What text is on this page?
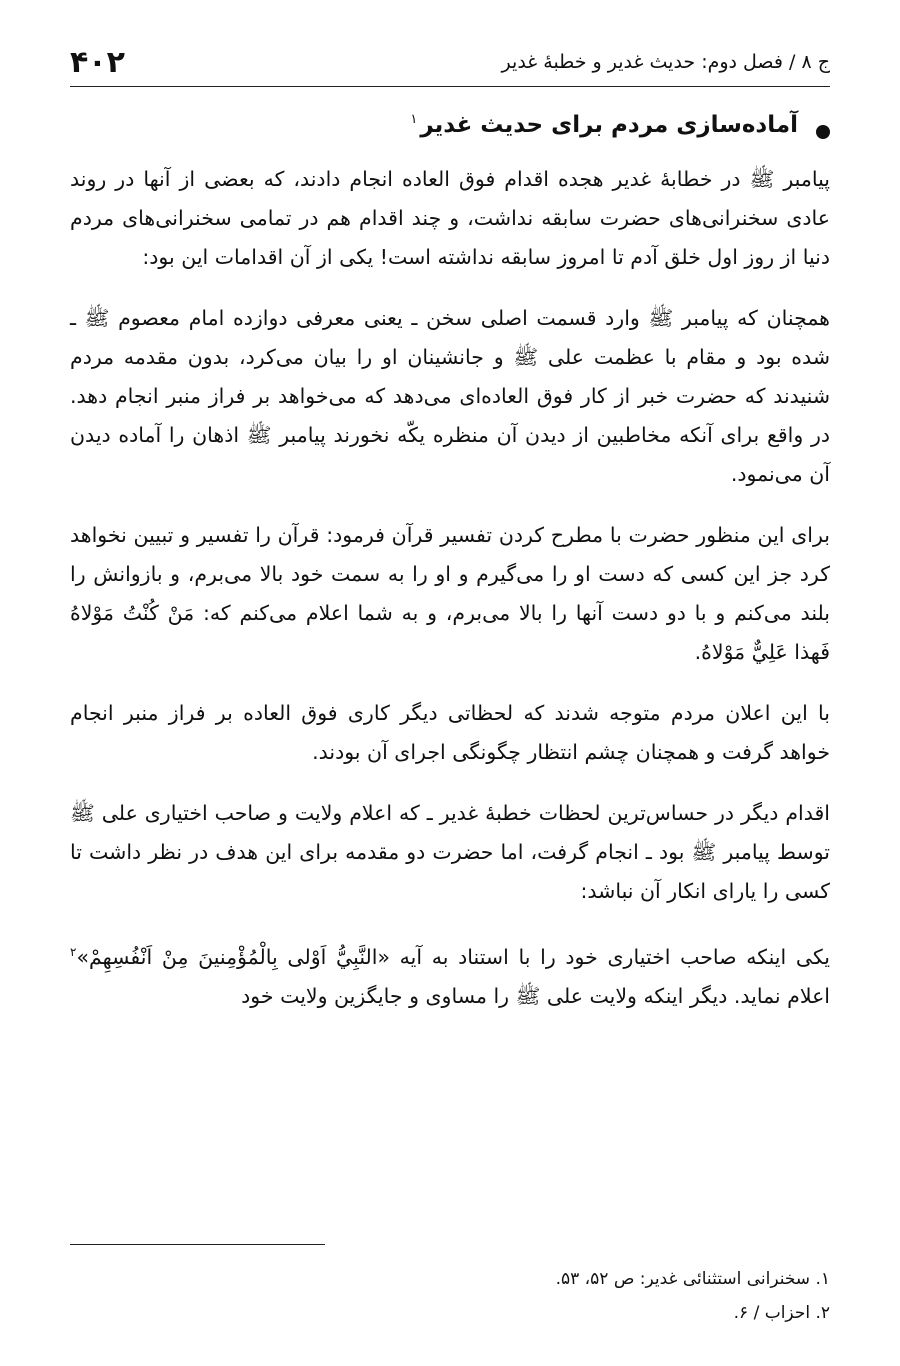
ج ۸ / فصل دوم: حدیث غدیر و خطبۀ غدیر
۴۰۲
آماده‌سازی مردم برای حدیث غدیر$^۱$

پیامبر ﷺ در خطابۀ غدیر هجده اقدام فوق العاده انجام دادند، که بعضی از آنها در روند عادی سخنرانی‌های حضرت سابقه نداشت، و چند اقدام هم در تمامی سخنرانی‌های مردم دنیا از روز اول خلق آدم تا امروز سابقه نداشته است! یکی از آن اقدامات این بود:

همچنان که پیامبر ﷺ وارد قسمت اصلی سخن ـ یعنی معرفی دوازده امام معصوم ﷺ ـ شده بود و مقام با عظمت علی ﷺ و جانشینان او را بیان می‌کرد، بدون مقدمه مردم شنیدند که حضرت خبر از کار فوق العاده‌ای می‌دهد که می‌خواهد بر فراز منبر انجام دهد. در واقع برای آنکه مخاطبین از دیدن آن منظره یکّه نخورند پیامبر ﷺ اذهان را آماده دیدن آن می‌نمود.

برای این منظور حضرت با مطرح کردن تفسیر قرآن فرمود: قرآن را تفسیر و تبیین نخواهد کرد جز این کسی که دست او را می‌گیرم و او را به سمت خود بالا می‌برم، و بازوانش را بلند می‌کنم و با دو دست آنها را بالا می‌برم، و به شما اعلام می‌کنم که: مَنْ كُنْتُ مَوْلاهُ فَهذا عَلِيٌّ مَوْلاهُ.

با این اعلان مردم متوجه شدند که لحظاتی دیگر کاری فوق العاده بر فراز منبر انجام خواهد گرفت و همچنان چشم انتظار چگونگی اجرای آن بودند.

اقدام دیگر در حساس‌ترین لحظات خطبۀ غدیر ـ که اعلام ولایت و صاحب اختیاری علی ﷺ توسط پیامبر ﷺ بود ـ انجام گرفت، اما حضرت دو مقدمه برای این هدف در نظر داشت تا کسی را یارای انکار آن نباشد:

یکی اینکه صاحب اختیاری خود را با استناد به آیه «النَّبِيُّ اَوْلى بِالْمُؤْمِنينَ مِنْ اَنْفُسِهِمْ»$^۲$ اعلام نماید. دیگر اینکه ولایت علی ﷺ را مساوی و جایگزین ولایت خود

۱. سخنرانی استثنائی غدیر: ص ۵۲، ۵۳.

۲. احزاب / ۶.
